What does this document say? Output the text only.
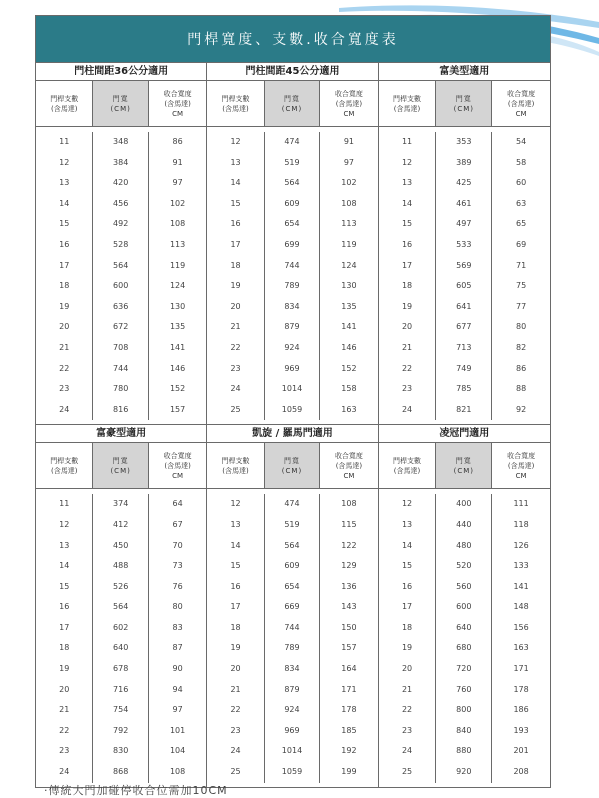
門桿寬度、支數.收合寬度表
門柱間距36公分適用
門桿支數
(含馬達)
門寬
(CM)
收合寬度
(含馬達)
CM
11	348	86
12	384	91
13	420	97
14	456	102
15	492	108
16	528	113
17	564	119
18	600	124
19	636	130
20	672	135
21	708	141
22	744	146
23	780	152
24	816	157
門柱間距45公分適用
門桿支數
(含馬達)
門寬
(CM)
收合寬度
(含馬達)
CM
12	474	91
13	519	97
14	564	102
15	609	108
16	654	113
17	699	119
18	744	124
19	789	130
20	834	135
21	879	141
22	924	146
23	969	152
24	1014	158
25	1059	163
富美型適用
門桿支數
(含馬達)
門寬
(CM)
收合寬度
(含馬達)
CM
11	353	54
12	389	58
13	425	60
14	461	63
15	497	65
16	533	69
17	569	71
18	605	75
19	641	77
20	677	80
21	713	82
22	749	86
23	785	88
24	821	92
富豪型適用
門桿支數
(含馬達)
門寬
(CM)
收合寬度
(含馬達)
CM
11	374	64
12	412	67
13	450	70
14	488	73
15	526	76
16	564	80
17	602	83
18	640	87
19	678	90
20	716	94
21	754	97
22	792	101
23	830	104
24	868	108
凱旋 / 羅馬門適用
門桿支數
(含馬達)
門寬
(CM)
收合寬度
(含馬達)
CM
12	474	108
13	519	115
14	564	122
15	609	129
16	654	136
17	669	143
18	744	150
19	789	157
20	834	164
21	879	171
22	924	178
23	969	185
24	1014	192
25	1059	199
凌冠門適用
門桿支數
(含馬達)
門寬
(CM)
收合寬度
(含馬達)
CM
12	400	111
13	440	118
14	480	126
15	520	133
16	560	141
17	600	148
18	640	156
19	680	163
20	720	171
21	760	178
22	800	186
23	840	193
24	880	201
25	920	208
·傳統大門加碰停收合位需加10CM
